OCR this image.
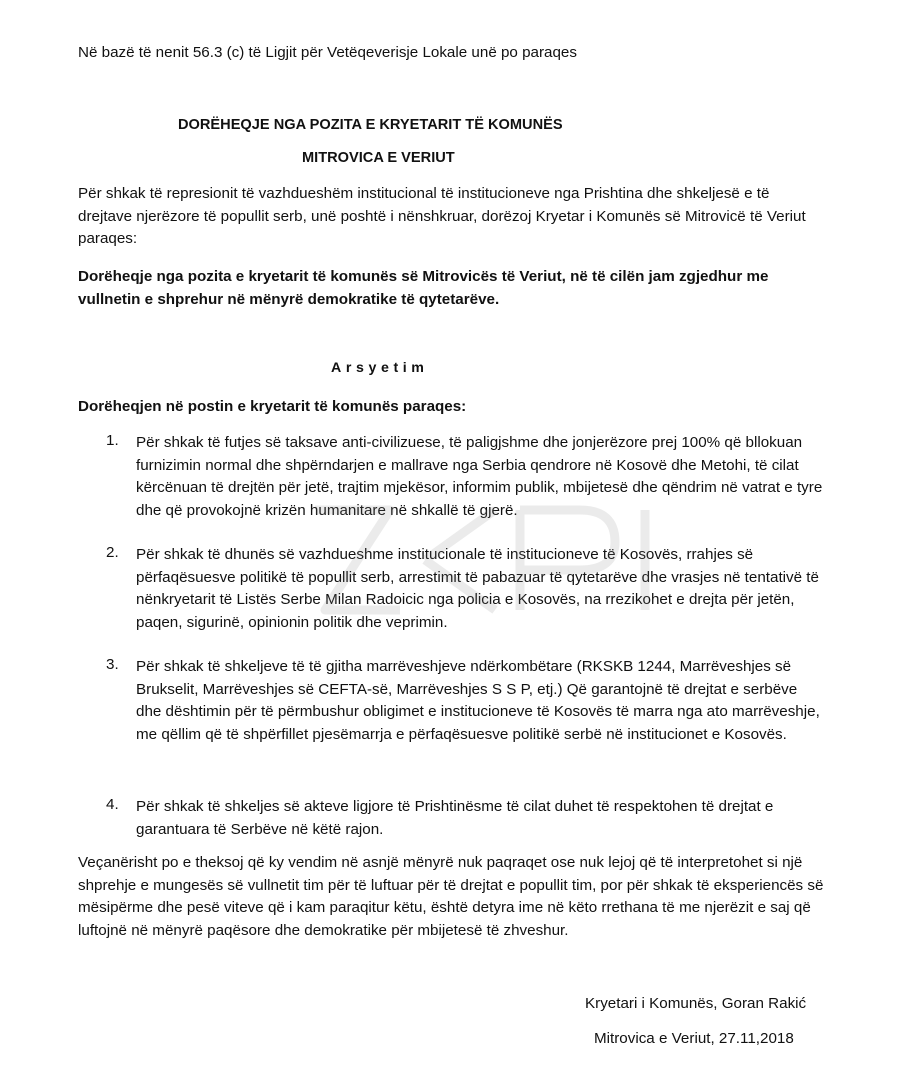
Në bazë të nenit 56.3 (c) të Ligjit për Vetëqeverisje Lokale unë po paraqes
DORËHEQJE NGA POZITA E KRYETARIT TË KOMUNËS
MITROVICA E VERIUT
Për shkak të represionit të vazhdueshëm institucional të institucioneve nga Prishtina dhe shkeljesë e të drejtave njerëzore të popullit serb, unë poshtë i nënshkruar, dorëzoj Kryetar i Komunës së Mitrovicë të Veriut paraqes:
Dorëheqje nga pozita e kryetarit të komunës së Mitrovicës të Veriut, në të cilën jam zgjedhur me vullnetin e shprehur në mënyrë demokratike të qytetarëve.
Arsyetim
Dorëheqjen në postin e kryetarit të komunës paraqes:
1. Për shkak të futjes së taksave anti-civilizuese, të paligjshme dhe jonjerëzore prej 100% që bllokuan furnizimin normal dhe shpërndarjen e mallrave nga Serbia qendrore në Kosovë dhe Metohi, të cilat kërcënuan të drejtën për jetë, trajtim mjekësor, informim publik, mbijetesë dhe qëndrim në vatrat e tyre dhe që provokojnë krizën humanitare në shkallë të gjerë.
2. Për shkak të dhunës së vazhdueshme institucionale të institucioneve të Kosovës, rrahjes së përfaqësuesve politikë të popullit serb, arrestimit të pabazuar të qytetarëve dhe vrasjes në tentativë të nënkryetarit të Listës Serbe Milan Radoicic nga policia e Kosovës, na rrezikohet e drejta për jetën, paqen, sigurinë, opinionin politik dhe veprimin.
3. Për shkak të shkeljeve të të gjitha marrëveshjeve ndërkombëtare (RKSKB 1244, Marrëveshjes së Brukselit, Marrëveshjes së CEFTA-së, Marrëveshjes S S P, etj.) Që garantojnë të drejtat e serbëve dhe dështimin për të përmbushur obligimet e institucioneve të Kosovës të marra nga ato marrëveshje, me qëllim që të shpërfillet pjesëmarrja e përfaqësuesve politikë serbë në institucionet e Kosovës.
4. Për shkak të shkeljes së akteve ligjore të Prishtinësme të cilat duhet të respektohen të drejtat e garantuara të Serbëve në këtë rajon.
Veçanërisht po e theksoj që ky vendim në asnjë mënyrë nuk paqraqet ose nuk lejoj që të interpretohet si një shprehje e mungesës së vullnetit tim për të luftuar për të drejtat e popullit tim, por për shkak të eksperiencës së mësipërme dhe pesë viteve që i kam paraqitur këtu, është detyra ime në këto rrethana të me njerëzit e saj që luftojnë në mënyrë paqësore dhe demokratike për mbijetesë të zhveshur.
Kryetari i Komunës, Goran Rakić
Mitrovica e Veriut, 27.11,2018
